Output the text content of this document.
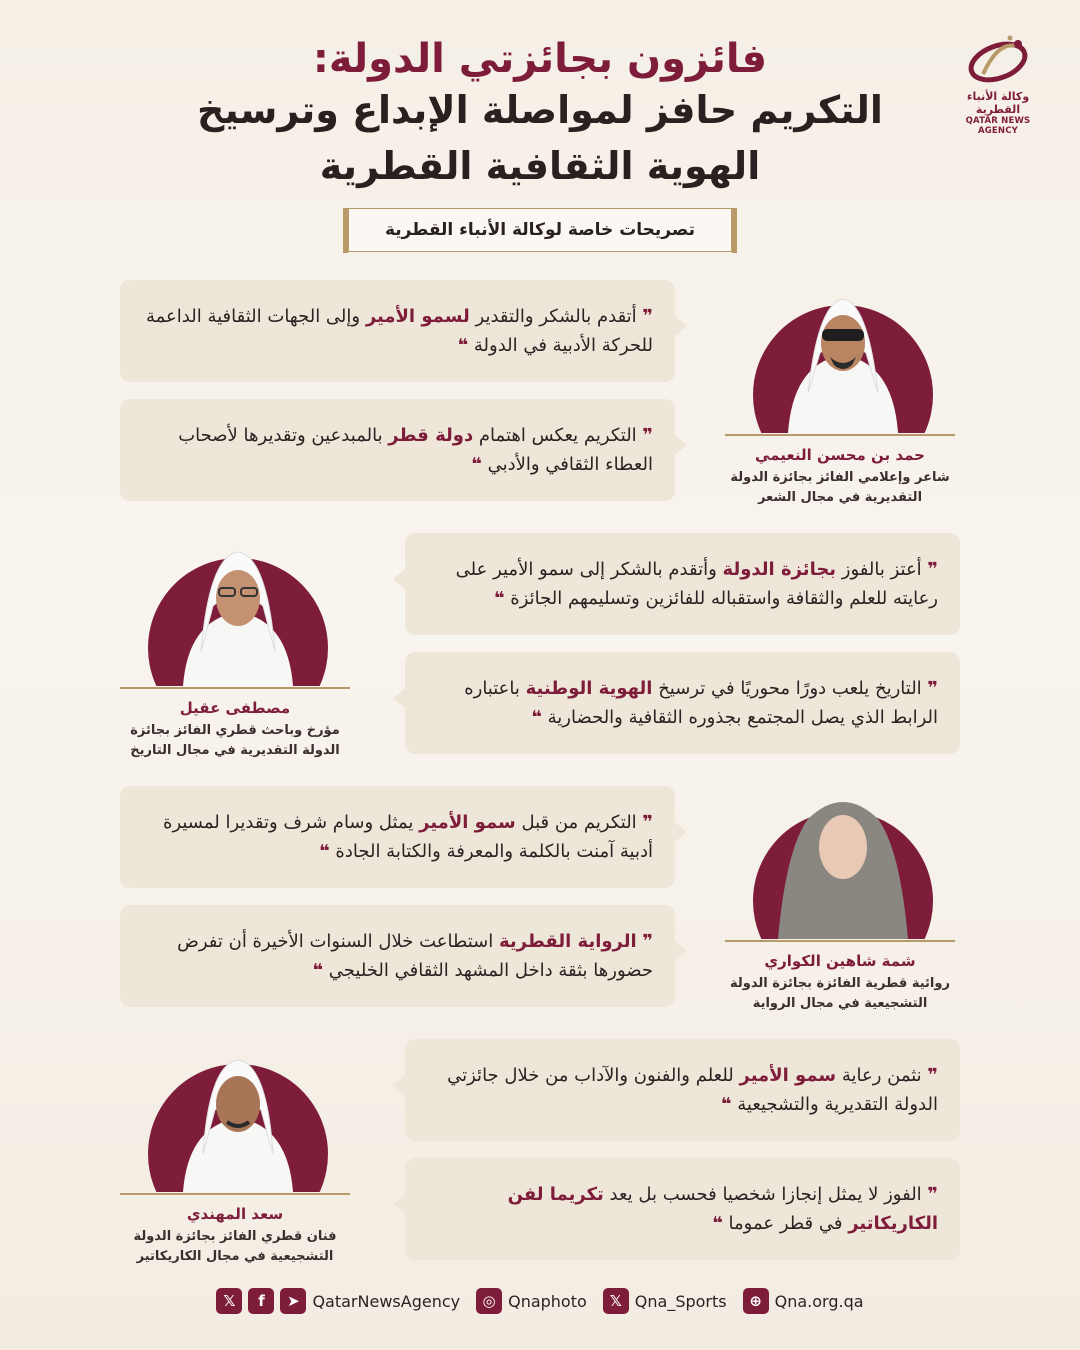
فائزون بجائزتي الدولة:
التكريم حافز لمواصلة الإبداع وترسيخ
الهوية الثقافية القطرية
وكالة الأنباء القطرية
QATAR NEWS AGENCY
تصريحات خاصة لوكالة الأنباء القطرية

❞ أتقدم بالشكر والتقدير لسمو الأمير وإلى الجهات الثقافية الداعمة للحركة الأدبية في الدولة ❝

❞ التكريم يعكس اهتمام دولة قطر بالمبدعين وتقديرها لأصحاب العطاء الثقافي والأدبي ❝	حمد بن محسن النعيمي
شاعر وإعلامي الفائز بجائزة الدولة
التقديرية في مجال الشعر

❞ أعتز بالفوز بجائزة الدولة وأتقدم بالشكر إلى سمو الأمير على رعايته للعلم والثقافة واستقباله للفائزين وتسليمهم الجائزة ❝

❞ التاريخ يلعب دورًا محوريًا في ترسيخ الهوية الوطنية باعتباره الرابط الذي يصل المجتمع بجذوره الثقافية والحضارية ❝

مصطفى عقيل
مؤرخ وباحث قطري الفائز بجائزة
الدولة التقديرية في مجال التاريخ

❞ التكريم من قبل سمو الأمير يمثل وسام شرف وتقديرا لمسيرة أدبية آمنت بالكلمة والمعرفة والكتابة الجادة ❝

❞ الرواية القطرية استطاعت خلال السنوات الأخيرة أن تفرض حضورها بثقة داخل المشهد الثقافي الخليجي ❝	شمة شاهين الكواري
روائية قطرية الفائزة بجائزة الدولة
التشجيعية في مجال الرواية

❞ نثمن رعاية سمو الأمير للعلم والفنون والآداب من خلال جائزتي الدولة التقديرية والتشجيعية ❝

❞ الفوز لا يمثل إنجازا شخصيا فحسب بل يعد تكريما لفن الكاريكاتير في قطر عموما ❝

سعد المهندي
فنان قطري الفائز بجائزة الدولة
التشجيعية في مجال الكاريكاتير
𝕏	f	➤ QatarNewsAgency	◎ Qnaphoto	𝕏 Qna_Sports	⊕ Qna.org.qa
